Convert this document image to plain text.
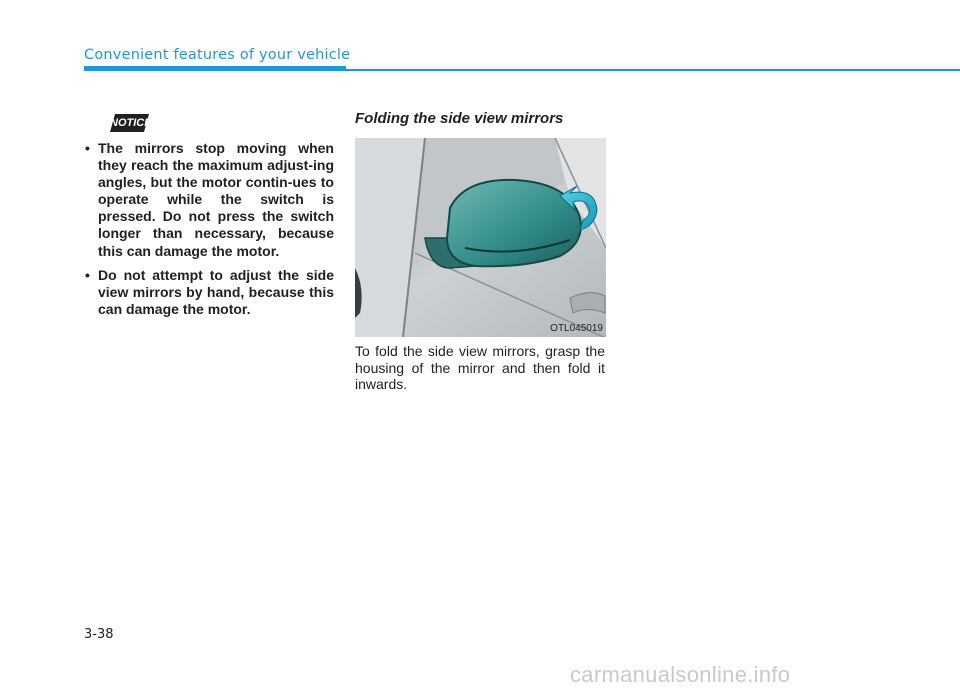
Convenient features of your vehicle
NOTICE
• The mirrors stop moving when they reach the maximum adjust-ing angles, but the motor contin-ues to operate while the switch is pressed. Do not press the switch longer than necessary, because this can damage the motor.
• Do not attempt to adjust the side view mirrors by hand, because this can damage the motor.
Folding the side view mirrors
OTL045019

To fold the side view mirrors, grasp the housing of the mirror and then fold it inwards.

3-38
carmanualsonline.info
